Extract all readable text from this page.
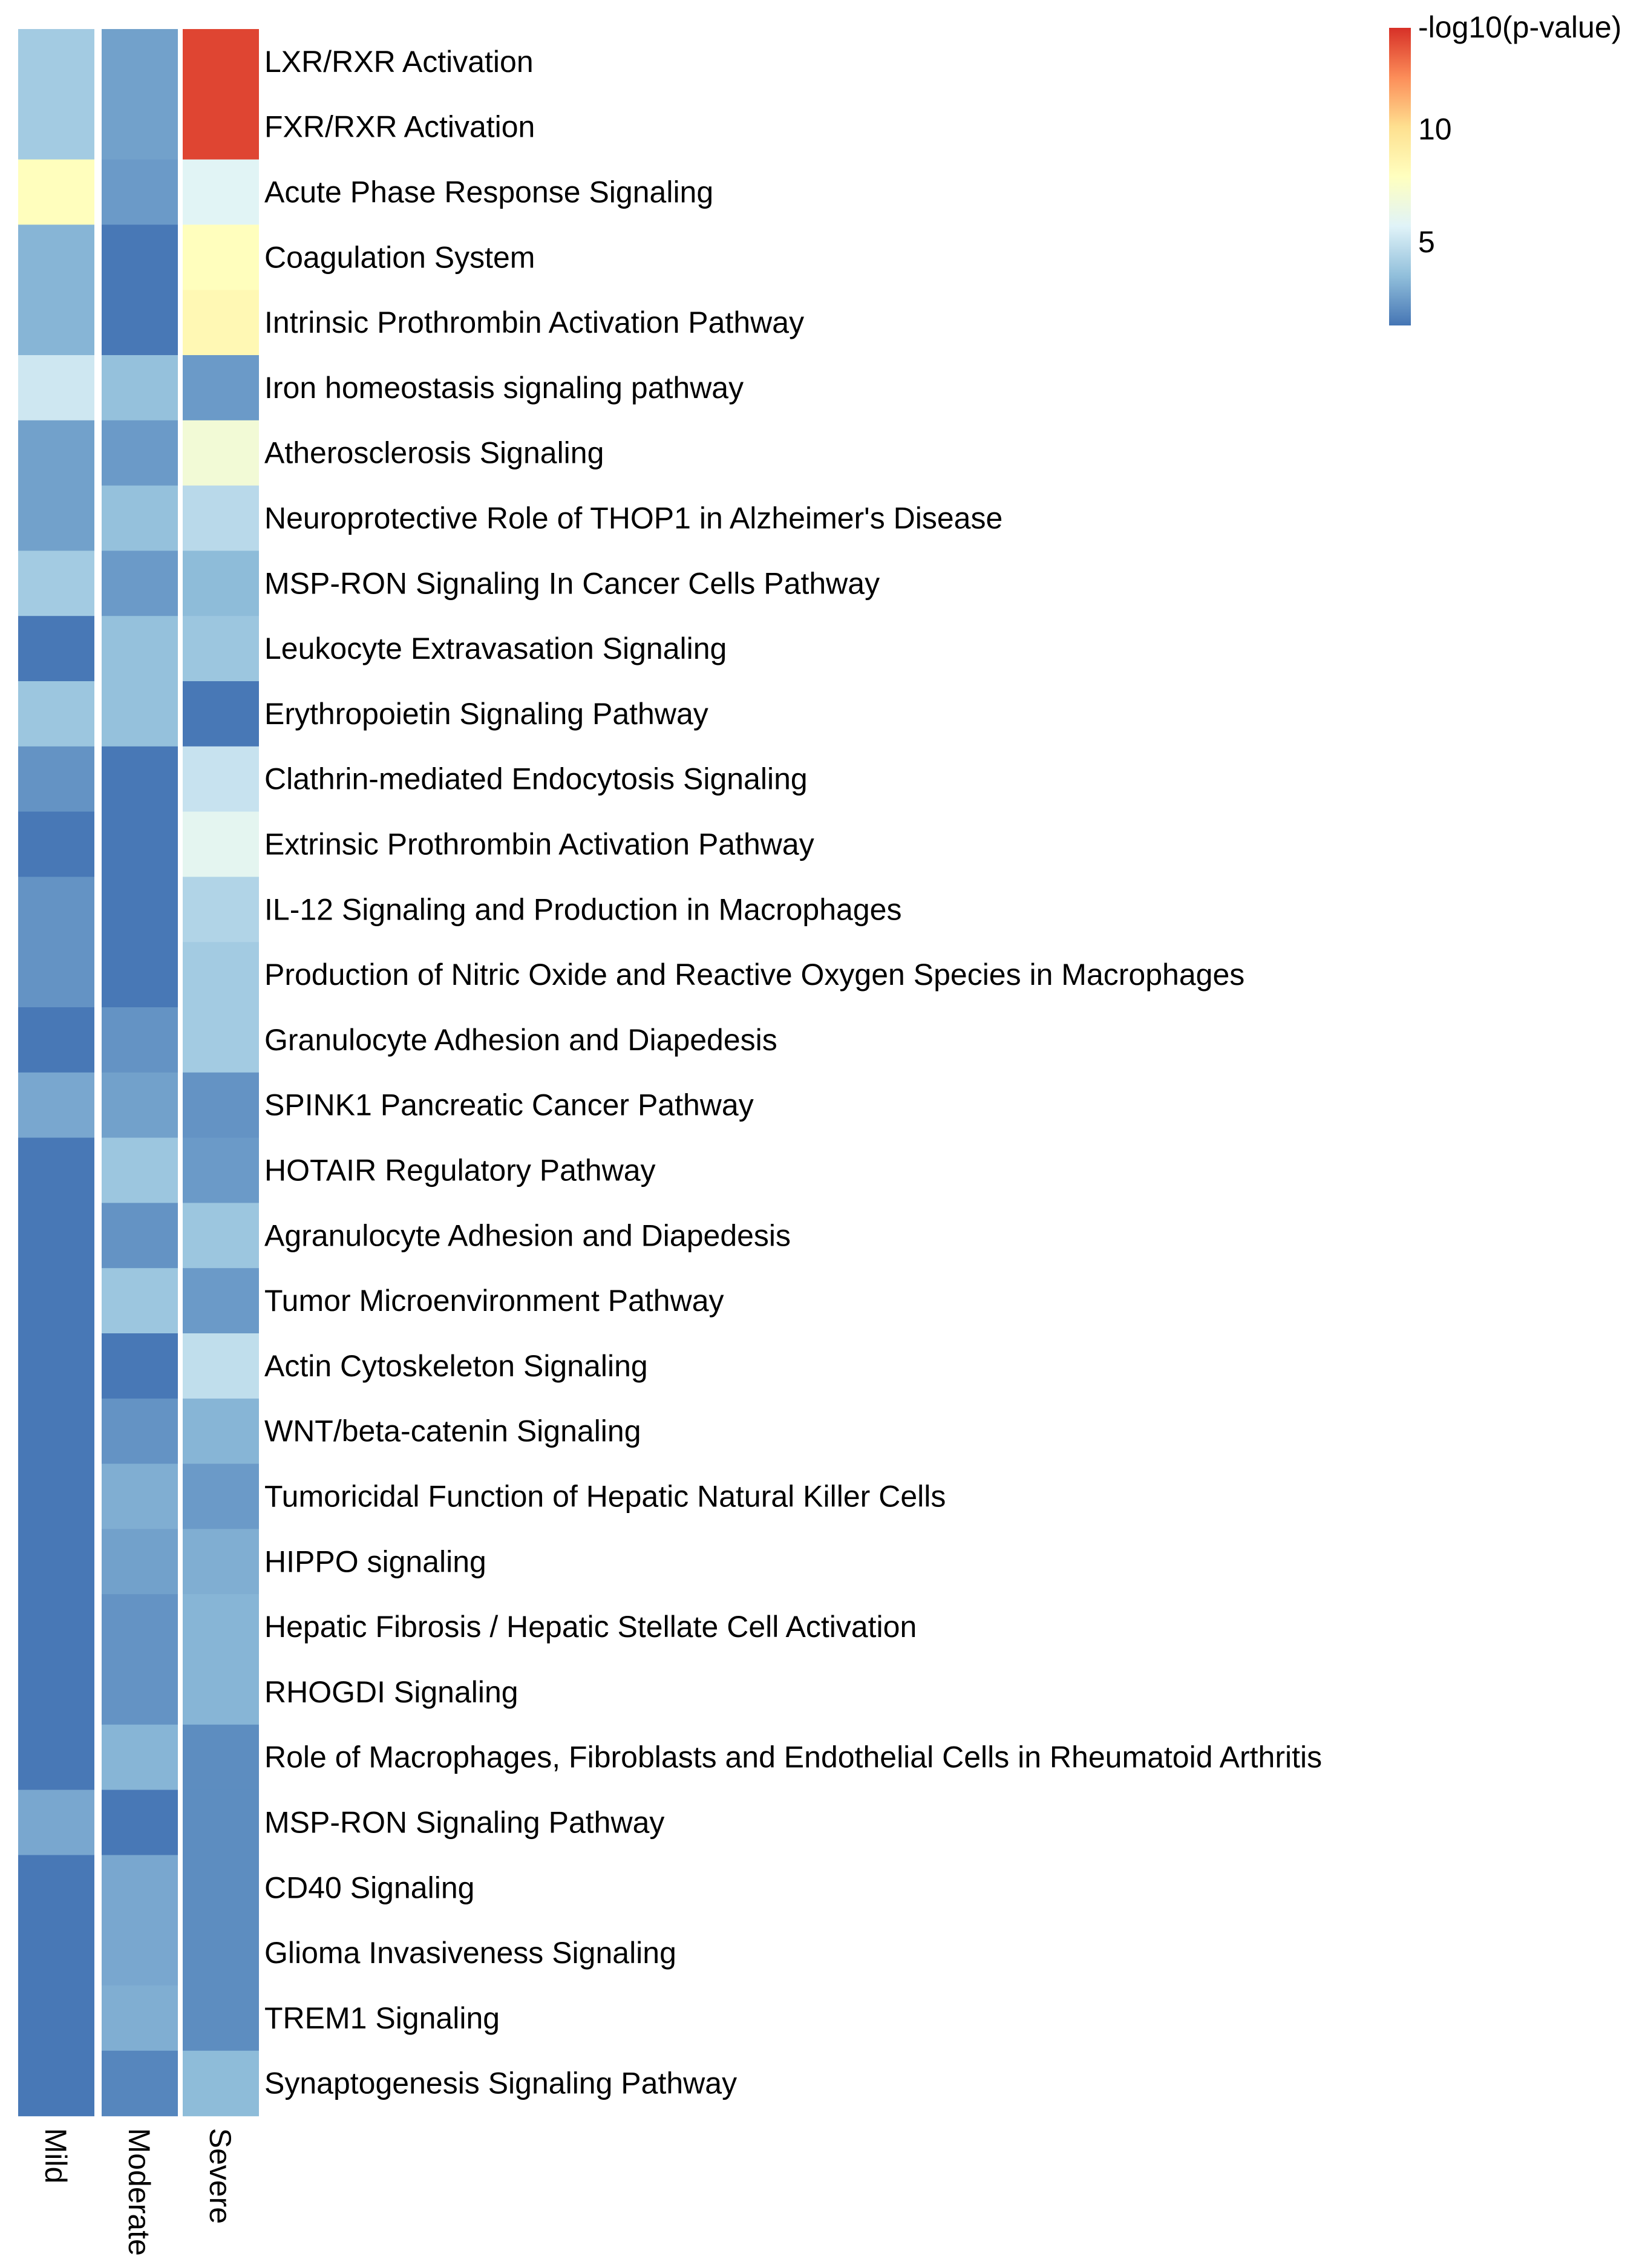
LXR/RXR Activation
FXR/RXR Activation
Acute Phase Response Signaling
Coagulation System
Intrinsic Prothrombin Activation Pathway
Iron homeostasis signaling pathway
Atherosclerosis Signaling
Neuroprotective Role of THOP1 in Alzheimer's Disease
MSP-RON Signaling In Cancer Cells Pathway
Leukocyte Extravasation Signaling
Erythropoietin Signaling Pathway
Clathrin-mediated Endocytosis Signaling
Extrinsic Prothrombin Activation Pathway
IL-12 Signaling and Production in Macrophages
Production of Nitric Oxide and Reactive Oxygen Species in Macrophages
Granulocyte Adhesion and Diapedesis
SPINK1 Pancreatic Cancer Pathway
HOTAIR Regulatory Pathway
Agranulocyte Adhesion and Diapedesis
Tumor Microenvironment Pathway
Actin Cytoskeleton Signaling
WNT/beta-catenin Signaling
Tumoricidal Function of Hepatic Natural Killer Cells
HIPPO signaling
Hepatic Fibrosis / Hepatic Stellate Cell Activation
RHOGDI Signaling
Role of Macrophages, Fibroblasts and Endothelial Cells in Rheumatoid Arthritis
MSP-RON Signaling Pathway
CD40 Signaling
Glioma Invasiveness Signaling
TREM1 Signaling
Synaptogenesis Signaling Pathway
Mild Moderate Severe
-log10(p-value)
5
10
